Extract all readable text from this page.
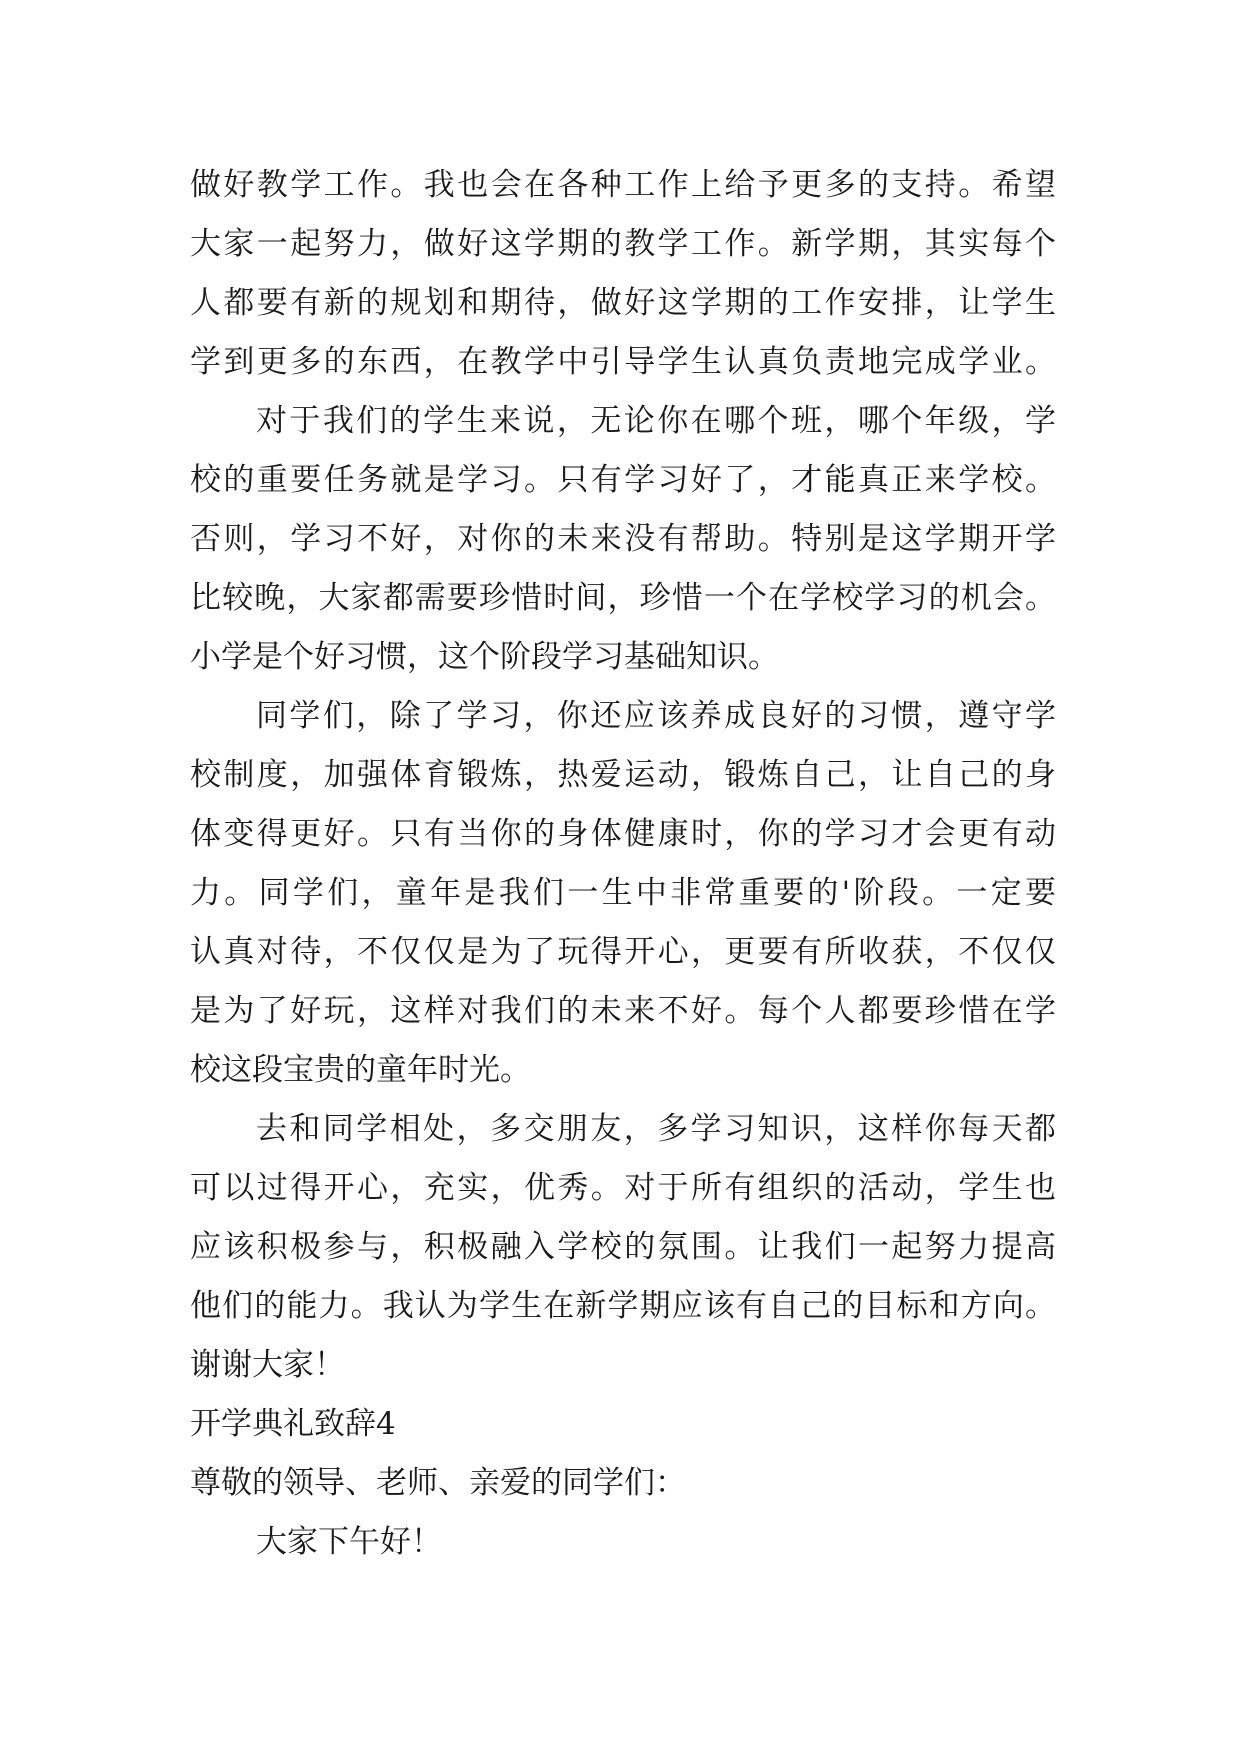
做好教学工作。我也会在各种工作上给予更多的支持。希望
大家一起努力，做好这学期的教学工作。新学期，其实每个
人都要有新的规划和期待，做好这学期的工作安排，让学生
学到更多的东西，在教学中引导学生认真负责地完成学业。
对于我们的学生来说，无论你在哪个班，哪个年级，学
校的重要任务就是学习。只有学习好了，才能真正来学校。
否则，学习不好，对你的未来没有帮助。特别是这学期开学
比较晚，大家都需要珍惜时间，珍惜一个在学校学习的机会。
小学是个好习惯，这个阶段学习基础知识。
同学们，除了学习，你还应该养成良好的习惯，遵守学
校制度，加强体育锻炼，热爱运动，锻炼自己，让自己的身
体变得更好。只有当你的身体健康时，你的学习才会更有动
力。同学们，童年是我们一生中非常重要的'阶段。一定要
认真对待，不仅仅是为了玩得开心，更要有所收获，不仅仅
是为了好玩，这样对我们的未来不好。每个人都要珍惜在学
校这段宝贵的童年时光。
去和同学相处，多交朋友，多学习知识，这样你每天都
可以过得开心，充实，优秀。对于所有组织的活动，学生也
应该积极参与，积极融入学校的氛围。让我们一起努力提高
他们的能力。我认为学生在新学期应该有自己的目标和方向。
谢谢大家！
开学典礼致辞4
尊敬的领导、老师、亲爱的同学们：
大家下午好！
